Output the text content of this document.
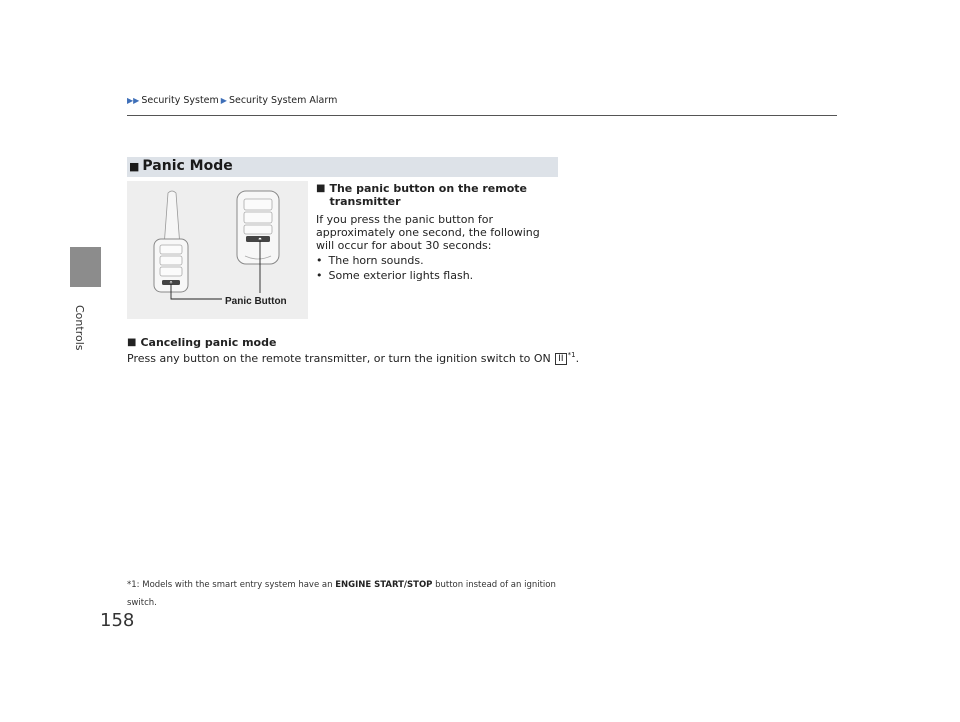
Controls
158
▶▶ Security System ▶ Security System Alarm
■ Panic Mode
Panic Button
■ The panic button on the remote transmitter
If you press the panic button for approximately one second, the following will occur for about 30 seconds:
• The horn sounds.
• Some exterior lights flash.
■ Canceling panic mode
Press any button on the remote transmitter, or turn the ignition switch to ON II $^{*1}$.
*1: Models with the smart entry system have an ENGINE START/STOP button instead of an ignition switch.
